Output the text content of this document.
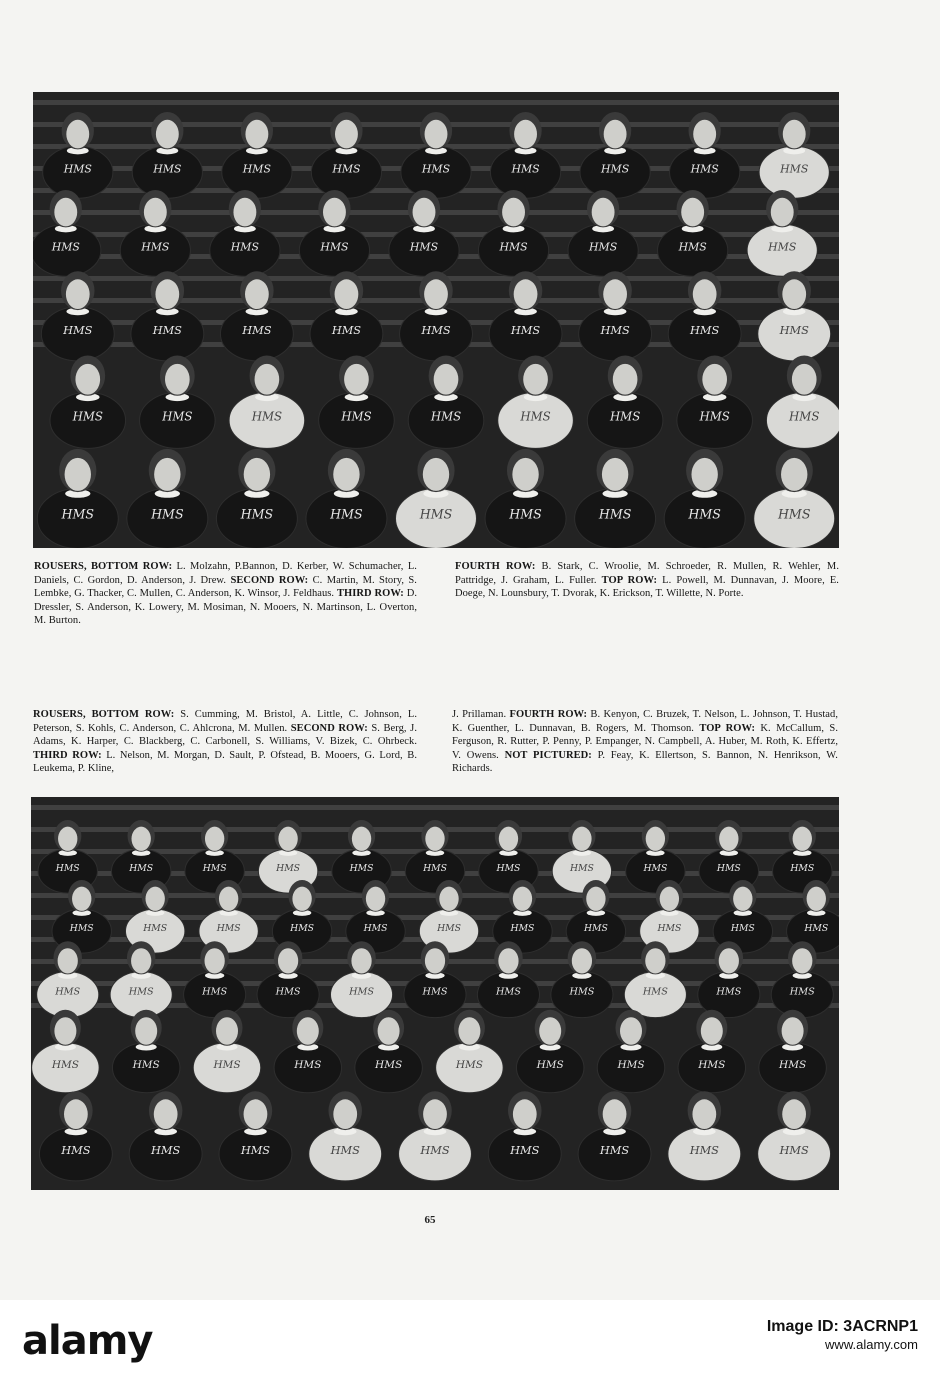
HMS	HMS	HMS	HMS	HMS	HMS	HMS	HMS	HMS
HMS	HMS	HMS	HMS	HMS	HMS	HMS	HMS	HMS
HMS	HMS	HMS	HMS	HMS	HMS	HMS	HMS	HMS
HMS	HMS	HMS	HMS	HMS	HMS	HMS	HMS	HMS
HMS	HMS	HMS	HMS	HMS	HMS	HMS	HMS	HMS
ROUSERS, BOTTOM ROW: L. Molzahn, P.Bannon, D. Kerber, W. Schumacher, L. Daniels, C. Gordon, D. Anderson, J. Drew. SECOND ROW: C. Martin, M. Story, S. Lembke, G. Thacker, C. Mullen, C. Anderson, K. Winsor, J. Feldhaus. THIRD ROW: D. Dressler, S. Anderson, K. Lowery, M. Mosiman, N. Mooers, N. Martinson, L. Overton, M. Burton.
FOURTH ROW: B. Stark, C. Wroolie, M. Schroeder, R. Mullen, R. Wehler, M. Pattridge, J. Graham, L. Fuller. TOP ROW: L. Powell, M. Dunnavan, J. Moore, E. Doege, N. Lounsbury, T. Dvorak, K. Erickson, T. Willette, N. Porte.
ROUSERS, BOTTOM ROW: S. Cumming, M. Bristol, A. Little, C. Johnson, L. Peterson, S. Kohls, C. Anderson, C. Ahlcrona, M. Mullen. SECOND ROW: S. Berg, J. Adams, K. Harper, C. Blackberg, C. Carbonell, S. Williams, V. Bizek, C. Ohrbeck. THIRD ROW: L. Nelson, M. Morgan, D. Sault, P. Ofstead, B. Mooers, G. Lord, B. Leukema, P. Kline,
J. Prillaman. FOURTH ROW: B. Kenyon, C. Bruzek, T. Nelson, L. Johnson, T. Hustad, K. Guenther, L. Dunnavan, B. Rogers, M. Thomson. TOP ROW: K. McCallum, S. Ferguson, R. Rutter, P. Penny, P. Empanger, N. Campbell, A. Huber, M. Roth, K. Effertz, V. Owens. NOT PICTURED: P. Feay, K. Ellertson, S. Bannon, N. Henrikson, W. Richards.
HMS	HMS	HMS	HMS	HMS	HMS	HMS	HMS	HMS	HMS	HMS
HMS	HMS	HMS	HMS	HMS	HMS	HMS	HMS	HMS	HMS	HMS
HMS	HMS	HMS	HMS	HMS	HMS	HMS	HMS	HMS	HMS	HMS
HMS	HMS	HMS	HMS	HMS	HMS	HMS	HMS	HMS	HMS
HMS	HMS	HMS	HMS	HMS	HMS	HMS	HMS	HMS
65
alamy	Image ID: 3ACRNP1
www.alamy.com
